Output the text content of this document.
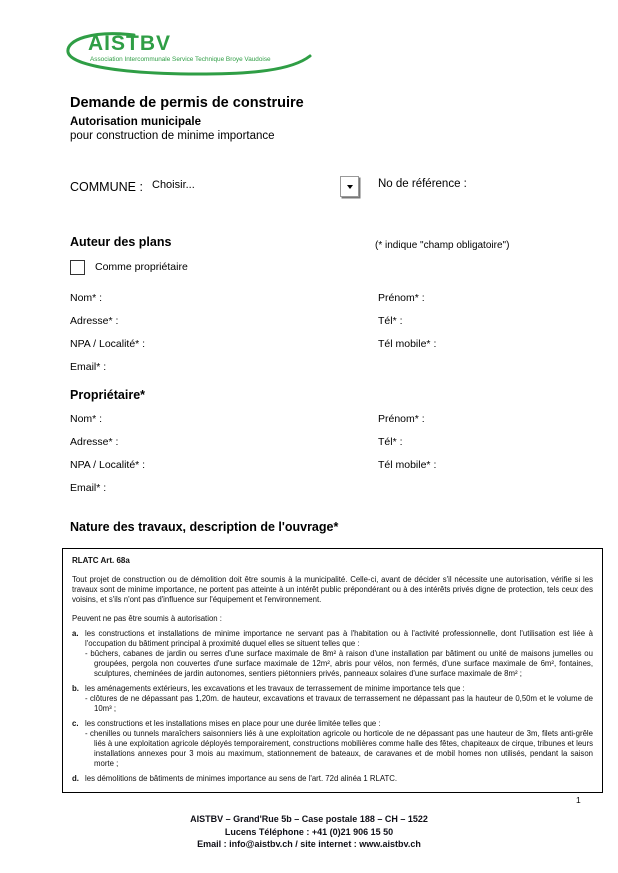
AISTBV
Association Intercommunale Service Technique Broye Vaudoise
Demande de permis de construire
Autorisation municipale
pour construction de minime importance
COMMUNE : Choisir...	No de référence :
Auteur des plans	(* indique "champ obligatoire")
Comme propriétaire
Nom* :	Prénom* :
Adresse* :	Tél* :
NPA / Localité* :	Tél mobile* :
Email* :
Propriétaire*
Nom* :	Prénom* :
Adresse* :	Tél* :
NPA / Localité* :	Tél mobile* :
Email* :
Nature des travaux, description de l'ouvrage*
RLATC Art. 68a
Tout projet de construction ou de démolition doit être soumis à la municipalité. Celle-ci, avant de décider s'il nécessite une autorisation, vérifie si les travaux sont de minime importance, ne portent pas atteinte à un intérêt public prépondérant ou à des intérêts privés digne de protection, tels ceux des voisins, et s'ils n'ont pas d'influence sur l'équipement et l'environnement.
Peuvent ne pas être soumis à autorisation :
a. les constructions et installations de minime importance ne servant pas à l'habitation ou à l'activité professionnelle, dont l'utilisation est liée à l'occupation du bâtiment principal à proximité duquel elles se situent telles que :
- bûchers, cabanes de jardin ou serres d'une surface maximale de 8m² à raison d'une installation par bâtiment ou unité de maisons jumelles ou groupées, pergola non couvertes d'une surface maximale de 12m², abris pour vélos, non fermés, d'une surface maximale de 6m², fontaines, sculptures, cheminées de jardin autonomes, sentiers piétonniers privés, panneaux solaires d'une surface maximale de 8m² ;
b. les aménagements extérieurs, les excavations et les travaux de terrassement de minime importance tels que :
- clôtures de ne dépassant pas 1,20m. de hauteur, excavations et travaux de terrassement ne dépassant pas la hauteur de 0,50m et le volume de 10m³ ;
c. les constructions et les installations mises en place pour une durée limitée telles que :
- chenilles ou tunnels maraîchers saisonniers liés à une exploitation agricole ou horticole de ne dépassant pas une hauteur de 3m, filets anti-grêle liés à une exploitation agricole déployés temporairement, constructions mobilières comme halle des fêtes, chapiteaux de cirque, tribunes et leurs installations annexes pour 3 mois au maximum, stationnement de bateaux, de caravanes et de mobil homes non utilisés, pendant la saison morte ;
d. les démolitions de bâtiments de minimes importance au sens de l'art. 72d alinéa 1 RLATC.
1
AISTBV – Grand'Rue 5b – Case postale 188 – CH – 1522
Lucens Téléphone : +41 (0)21 906 15 50
Email : info@aistbv.ch / site internet : www.aistbv.ch
